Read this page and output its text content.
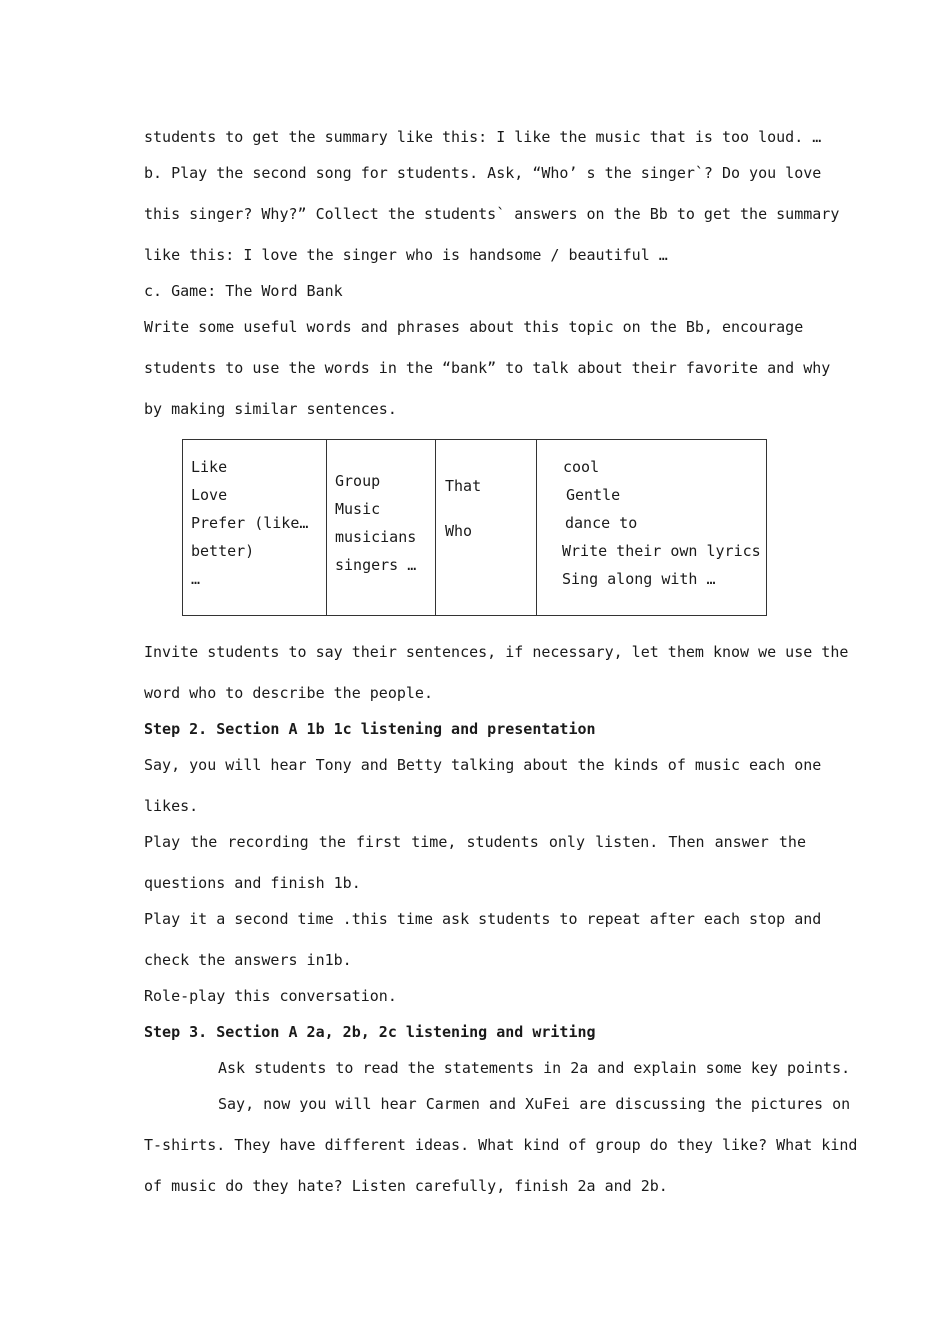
students to get the summary like this: I like the music that is too loud. …
b. Play the second song for students. Ask, “Who’ s the singer`? Do you love
this singer? Why?” Collect the students` answers on the Bb to get the summary
like this: I love the singer who is handsome / beautiful …
c. Game: The Word Bank
Write some useful words and phrases about this topic on the Bb, encourage
students to use the words in the “bank” to talk about their favorite and why
by making similar sentences.
Like
Love
Prefer (like…
better)
…

Group
Music
musicians
singers …

That
Who

cool
Gentle
dance to
Write their own lyrics
Sing along with …
Invite students to say their sentences, if necessary, let them know we use the
word who to describe the people.
Step 2. Section A 1b 1c listening and presentation
Say, you will hear Tony and Betty talking about the kinds of music each one
likes.
Play the recording the first time, students only listen. Then answer the
questions and finish 1b.
Play it a second time .this time ask students to repeat after each stop and
check the answers in1b.
Role-play this conversation.
Step 3. Section A 2a, 2b, 2c listening and writing
Ask students to read the statements in 2a and explain some key points.
Say, now you will hear Carmen and XuFei are discussing the pictures on
T-shirts. They have different ideas. What kind of group do they like? What kind
of music do they hate? Listen carefully, finish 2a and 2b.
